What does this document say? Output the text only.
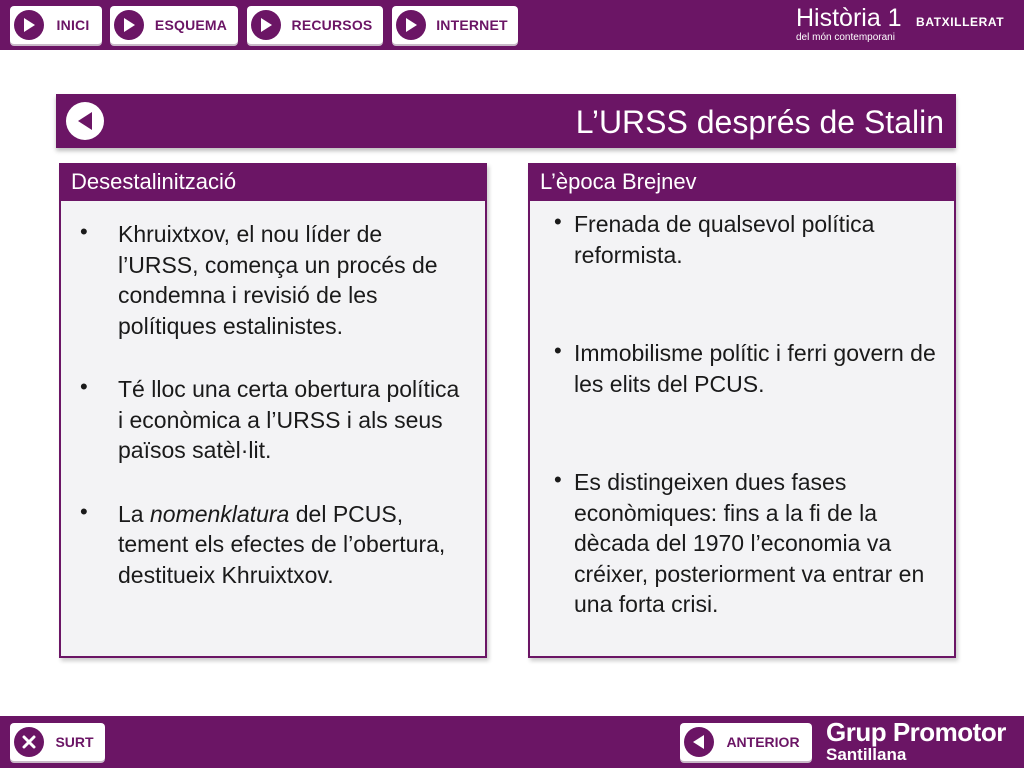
INICI	ESQUEMA	RECURSOS	INTERNET	Història 1 BATXILLERAT
del món contemporani
L’URSS després de Stalin
Desestalinització
• Khruixtxov, el nou líder de l’URSS, comença un procés de condemna i revisió de les polítiques estalinistes.
• Té lloc una certa obertura política i econòmica a l’URSS i als seus països satèl·lit.
• La nomenklatura del PCUS, tement els efectes de l’obertura, destitueix Khruixtxov.
L’època Brejnev
• Frenada de qualsevol política reformista.
• Immobilisme polític i ferri govern de les elits del PCUS.
• Es distingeixen dues fases econòmiques: fins a la fi de la dècada del 1970 l’economia va créixer, posteriorment va entrar en una forta crisi.
SURT	ANTERIOR	Grup Promotor
Santillana
